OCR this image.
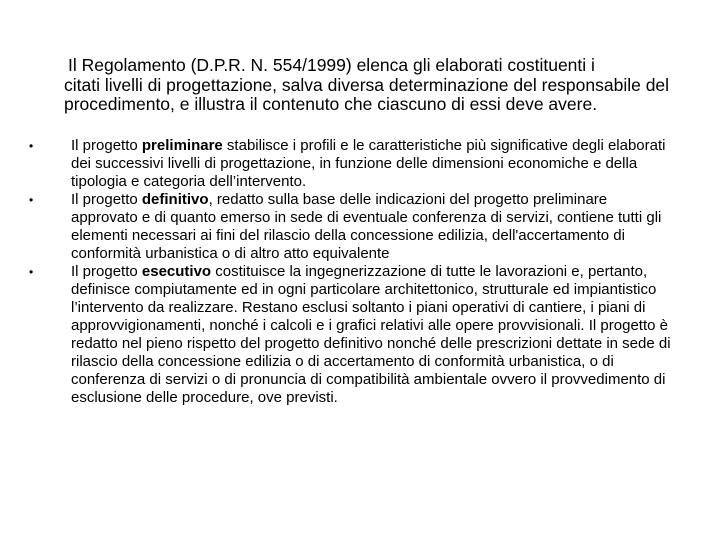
Il Regolamento (D.P.R. N. 554/1999) elenca gli elaborati costituenti i
citati livelli di progettazione, salva diversa determinazione del responsabile del procedimento, e illustra il contenuto che ciascuno di essi deve avere.

•	Il progetto preliminare stabilisce i profili e le caratteristiche più significative degli elaborati dei successivi livelli di progettazione, in funzione delle dimensioni economiche e della tipologia e categoria dell’intervento.
•	Il progetto definitivo, redatto sulla base delle indicazioni del progetto preliminare approvato e di quanto emerso in sede di eventuale conferenza di servizi, contiene tutti gli elementi necessari ai fini del rilascio della concessione edilizia, dell'accertamento di conformità urbanistica o di altro atto equivalente
•	Il progetto esecutivo costituisce la ingegnerizzazione di tutte le lavorazioni e, pertanto, definisce compiutamente ed in ogni particolare architettonico, strutturale ed impiantistico l’intervento da realizzare. Restano esclusi soltanto i piani operativi di cantiere, i piani di approvvigionamenti, nonché i calcoli e i grafici relativi alle opere provvisionali. Il progetto è redatto nel pieno rispetto del progetto definitivo nonché delle prescrizioni dettate in sede di rilascio della concessione edilizia o di accertamento di conformità urbanistica, o di conferenza di servizi o di pronuncia di compatibilità ambientale ovvero il provvedimento di esclusione delle procedure, ove previsti.
